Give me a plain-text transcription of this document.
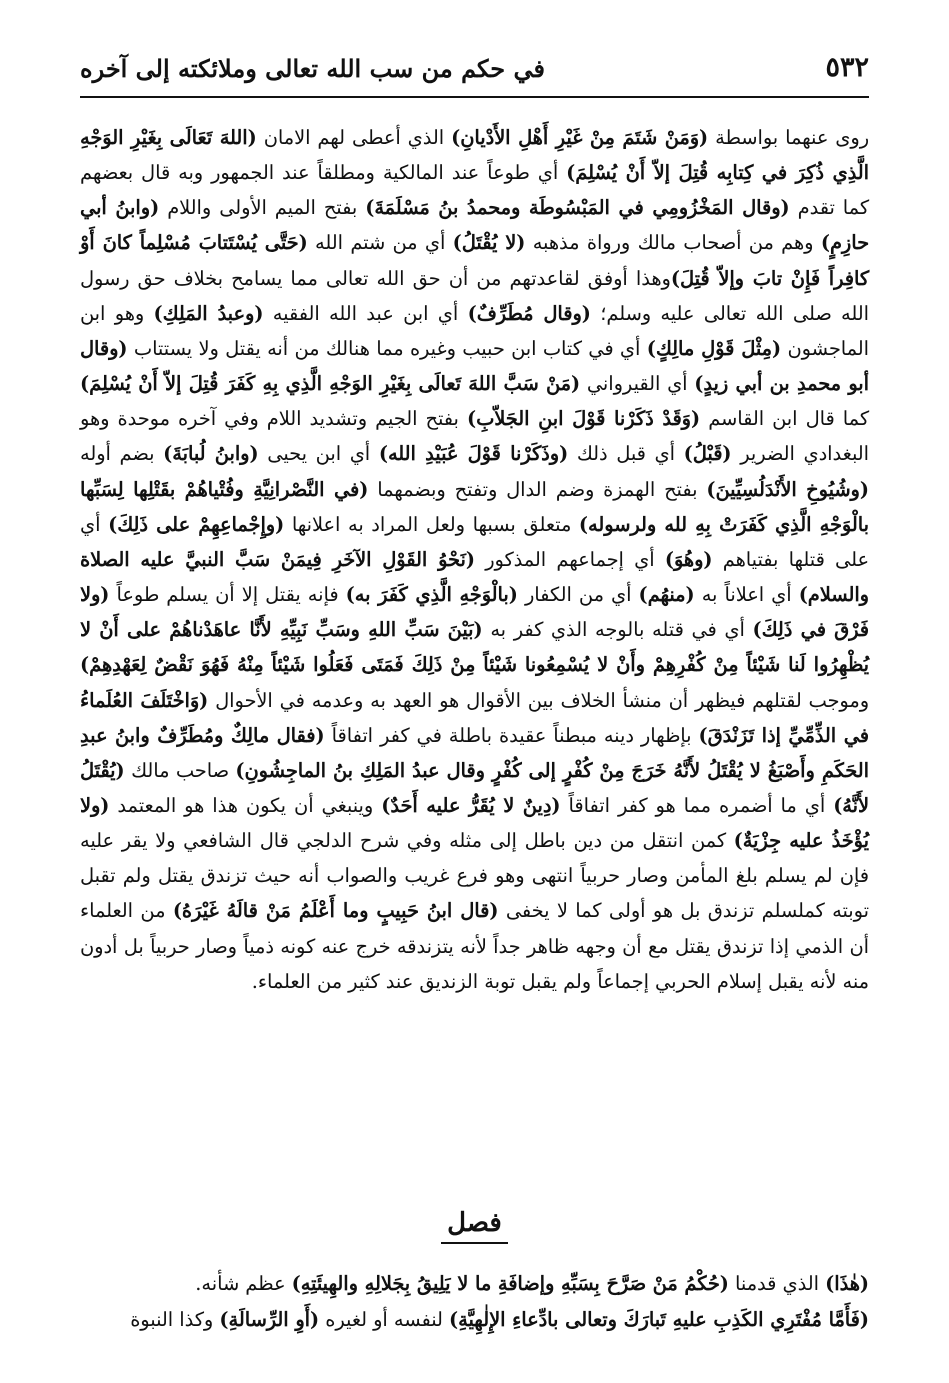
٥٣٢
في حكم من سب الله تعالى وملائكته إلى آخره

روى عنهما بواسطة (وَمَنْ شَتَمَ مِنْ غَيْرِ أَهْلِ الأَدْيانِ) الذي أعطى لهم الامان (اللهَ تَعَالَى بِغَيْرِ الوَجْهِ الَّذِي ذُكِرَ في كِتابِه قُتِلَ إلاّ أَنْ يُسْلِمَ) أي طوعاً عند المالكية ومطلقاً عند الجمهور وبه قال بعضهم كما تقدم (وقال المَخْزُومِي في المَبْسُوطَة ومحمدُ بنُ مَسْلَمَةَ) بفتح الميم الأولى واللام (وابنُ أبي حازِمٍ) وهم من أصحاب مالك ورواة مذهبه (لا يُقْتَلُ) أي من شتم الله (حَتَّى يُسْتَتابَ مُسْلِماً كانَ أَوْ كافِراً فَإِنْ تابَ وإلاّ قُتِلَ)وهذا أوفق لقاعدتهم من أن حق الله تعالى مما يسامح بخلاف حق رسول الله صلى الله تعالى عليه وسلم؛ (وقال مُطَرِّفٌ) أي ابن عبد الله الفقيه (وعبدُ المَلِكِ) وهو ابن الماجشون (مِثْلَ قَوْلِ مالِكٍ) أي في كتاب ابن حبيب وغيره مما هنالك من أنه يقتل ولا يستتاب (وقال أبو محمدِ بن أبي زيدٍ) أي القيرواني (مَنْ سَبَّ اللهَ تَعالَى بِغَيْرِ الوَجْهِ الَّذِي بِهِ كَفَرَ قُتِلَ إلاّ أَنْ يُسْلِمَ) كما قال ابن القاسم (وَقَدْ ذَكَرْنا قَوْلَ ابنِ الجَلاّبِ) بفتح الجيم وتشديد اللام وفي آخره موحدة وهو البغدادي الضرير (قَبْلُ) أي قبل ذلك (وذَكَرْنا قَوْلَ عُبَيْدِ الله) أي ابن يحيى (وابنُ لُبابَةَ) بضم أوله (وشُيُوخِ الأَنْدَلُسِيِّينَ) بفتح الهمزة وضم الدال وتفتح وبضمهما (في النَّصْرانِيَّةِ وفُتْياهُمْ بقَتْلِها لِسَبِّها بالْوَجْهِ الَّذِي كَفَرَتْ بِهِ لله ولرسوله) متعلق بسبها ولعل المراد به اعلانها (وإِجْماعِهِمْ على ذَلِكَ) أي على قتلها بفتياهم (وهُوَ) أي إجماعهم المذكور (نَحْوُ القَوْلِ الآخَرِ فِيمَنْ سَبَّ النبيَّ عليه الصلاة والسلام) أي اعلاناً به (منهُم) أي من الكفار (بالْوَجْهِ الَّذِي كَفَرَ به) فإنه يقتل إلا أن يسلم طوعاً (ولا فَرْقَ في ذَلِكَ) أي في قتله بالوجه الذي كفر به (بَيْنَ سَبِّ اللهِ وسَبِّ نَبِيِّهِ لأَنَّا عاهَدْناهُمْ على أَنْ لا يُظْهِرُوا لَنا شَيْئاً مِنْ كُفْرِهِمْ وأَنْ لا يُسْمِعُونا شَيْئاً مِنْ ذَلِكَ فَمَتَى فَعَلُوا شَيْئاً مِنْهُ فَهُوَ نَقْضٌ لِعَهْدِهِمْ) وموجب لقتلهم فيظهر أن منشأ الخلاف بين الأقوال هو العهد به وعدمه في الأحوال (وَاخْتَلَفَ العُلَماءُ في الذِّمِّيِّ إذا تَزَنْدَقَ) بإظهار دينه مبطناً عقيدة باطلة في كفر اتفاقاً (فقال مالِكٌ ومُطَرِّفٌ وابنُ عبدِ الحَكَمِ وأَصْبَغُ لا يُقْتَلُ لأَنَّهُ خَرَجَ مِنْ كُفْرٍ إلى كُفْرٍ وقال عبدُ المَلِكِ بنُ الماجِشُونِ) صاحب مالك (يُقْتَلُ لأَنَّهُ) أي ما أضمره مما هو كفر اتفاقاً (دِينٌ لا يُقَرُّ عليه أَحَدٌ) وينبغي أن يكون هذا هو المعتمد (ولا يُؤْخَذُ عليه جِزْيَةٌ) كمن انتقل من دين باطل إلى مثله وفي شرح الدلجي قال الشافعي ولا يقر عليه فإن لم يسلم بلغ المأمن وصار حربياً انتهى وهو فرع غريب والصواب أنه حيث تزندق يقتل ولم تقبل توبته كملسلم تزندق بل هو أولى كما لا يخفى (قال ابنُ حَبِيبٍ وما أَعْلَمُ مَنْ قالَهُ غَيْرَهُ) من العلماء أن الذمي إذا تزندق يقتل مع أن وجهه ظاهر جداً لأنه يتزندقه خرج عنه كونه ذمياً وصار حربياً بل أدون منه لأنه يقبل إسلام الحربي إجماعاً ولم يقبل توبة الزنديق عند كثير من العلماء.

فصل

(هٰذَا) الذي قدمنا (حُكْمُ مَنْ صَرَّحَ بِسَبِّهِ وإضافَةِ ما لا يَلِيقُ بِجَلالِهِ والهِيئَتِهِ) عظم شأنه.

(فَأَمَّا مُفْتَرِي الكَذِبِ عليهِ تَبارَكَ وتعالى بادِّعاءِ الإِلٰهِيَّةِ) لنفسه أو لغيره (أَوِ الرِّسالَةِ) وكذا النبوة
